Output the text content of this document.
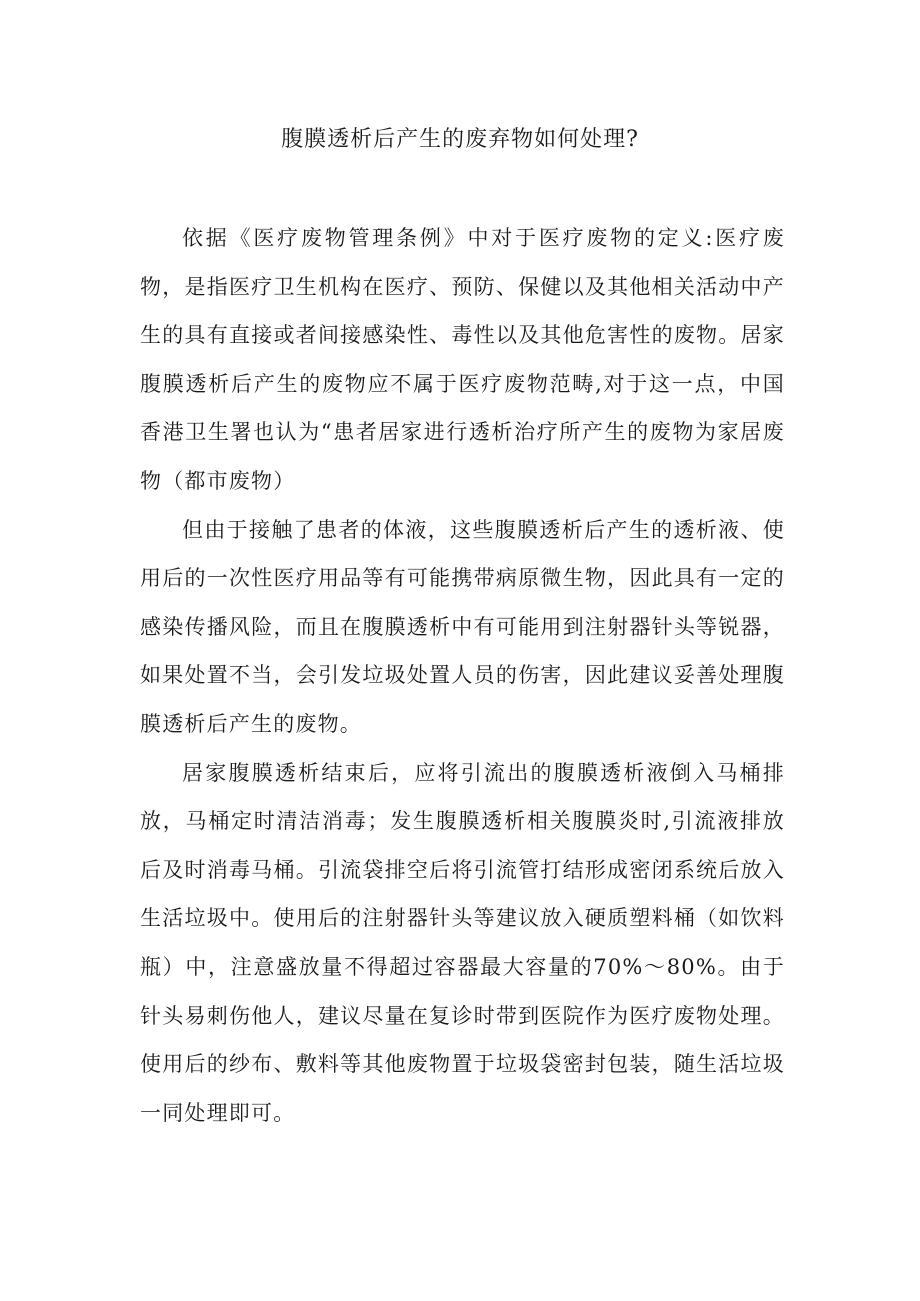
腹膜透析后产生的废弃物如何处理?

依据《医疗废物管理条例》中对于医疗废物的定义:医疗废物，是指医疗卫生机构在医疗、预防、保健以及其他相关活动中产生的具有直接或者间接感染性、毒性以及其他危害性的废物。居家腹膜透析后产生的废物应不属于医疗废物范畴,对于这一点，中国香港卫生署也认为“患者居家进行透析治疗所产生的废物为家居废物（都市废物）

但由于接触了患者的体液，这些腹膜透析后产生的透析液、使用后的一次性医疗用品等有可能携带病原微生物，因此具有一定的感染传播风险，而且在腹膜透析中有可能用到注射器针头等锐器，如果处置不当，会引发垃圾处置人员的伤害，因此建议妥善处理腹膜透析后产生的废物。

居家腹膜透析结束后，应将引流出的腹膜透析液倒入马桶排放，马桶定时清洁消毒；发生腹膜透析相关腹膜炎时,引流液排放后及时消毒马桶。引流袋排空后将引流管打结形成密闭系统后放入生活垃圾中。使用后的注射器针头等建议放入硬质塑料桶（如饮料瓶）中，注意盛放量不得超过容器最大容量的70%～80%。由于针头易刺伤他人，建议尽量在复诊时带到医院作为医疗废物处理。使用后的纱布、敷料等其他废物置于垃圾袋密封包装，随生活垃圾一同处理即可。
